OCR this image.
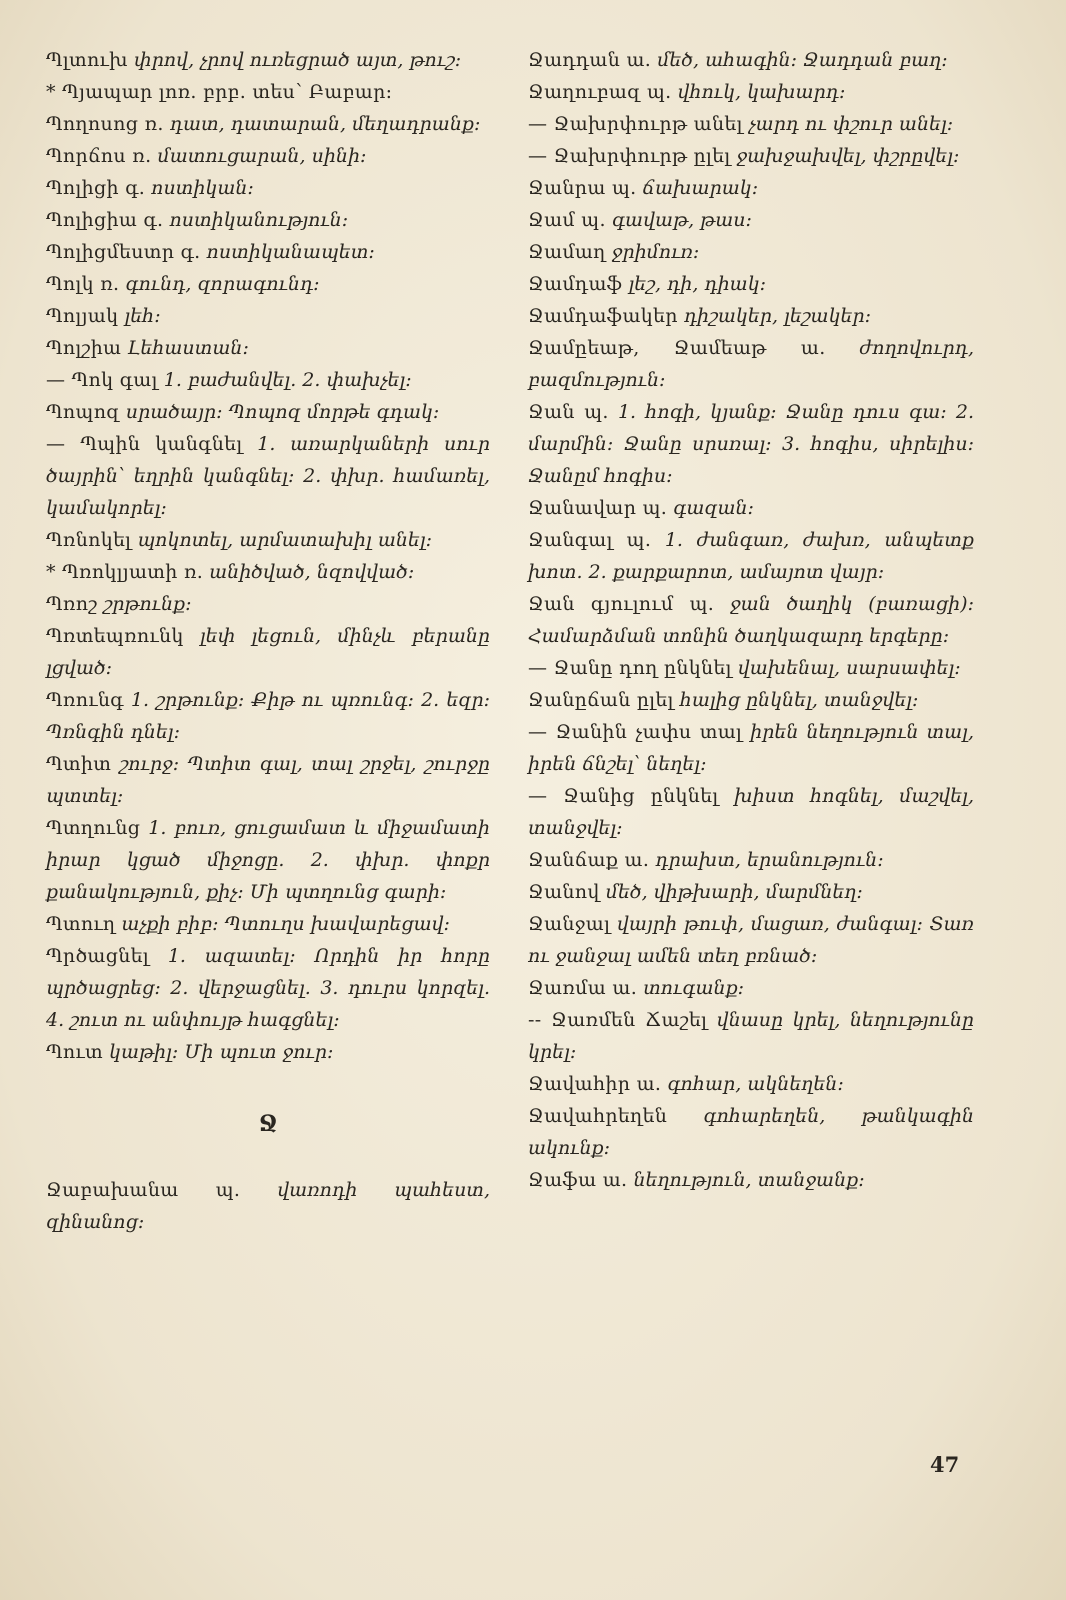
Պլտուխ փրով, չրով ուռեցրած այտ, թուշ:

* Պյապար լոռ. բրբ. տես՝ Բաբար:

Պողոսոց ռ. դատ, դատարան, մեղադրանք:

Պորճոս ռ. մատուցարան, սինի:

Պոլիցի գ. ոստիկան:

Պոլիցիա գ. ոստիկանություն:

Պոլիցմեստր գ. ոստիկանապետ:

Պոլկ ռ. գունդ, զորագունդ:

Պոլյակ լեհ:

Պոլշիա Լեհաստան:

— Պոկ գալ 1. բաժանվել. 2. փախչել:

Պոպոզ սրածայր: Պոպոզ մորթե գդակ:

— Պպին կանգնել 1. առարկաների սուր ծայրին՝ եղրին կանգնել: 2. փխր. համառել, կամակորել:

Պռնոկել պոկոտել, արմատախիլ անել:

* Պռոկլյատի ռ. անիծված, նզովված:

Պռոշ շրթունք:

Պռտեպռունկ լեփ լեցուն, մինչև բերանը լցված:

Պռունգ 1. շրթունք: Քիթ ու պռունգ: 2. եզր: Պռնգին դնել:

Պտիտ շուրջ: Պտիտ գալ, տալ շրջել, շուրջը պտտել:

Պտղունց 1. բուռ, ցուցամատ և միջամատի իրար կցած միջոցը. 2. փխր. փոքր քանակություն, քիչ: Մի պտղունց գարի:

Պտուղ աչքի բիբ: Պտուղս խավարեցավ:

Պրծացնել 1. ազատել: Որդին իր հորը պրծացրեց: 2. վերջացնել. 3. դուրս կորզել. 4. շուտ ու անփույթ հագցնել:

Պուտ կաթիլ: Մի պուտ ջուր:

Ջ

Ջաբախանա պ. վառոդի պահեստ, զինանոց:

Ջադդան ա. մեծ, ահագին: Ջադդան բաղ:

Ջաղուբազ պ. վհուկ, կախարդ:

— Ջախրփուրթ անել չարդ ու փշուր անել:

— Ջախրփուրթ ըլել ջախջախվել, փշրըվել:

Ջանրա պ. ճախարակ:

Ջամ պ. գավաթ, թաս:

Ջամաղ ջրիմուռ:

Ջամդաֆ լեշ, դի, դիակ:

Ջամդաֆակեր դիշակեր, լեշակեր:

Ջամըեաթ, Ջամեաթ ա. ժողովուրդ, բազմություն:

Ջան պ. 1. հոգի, կյանք: Ջանը դուս գա: 2. մարմին: Ջանը սրսռալ: 3. հոգիս, սիրելիս: Ջանըմ հոգիս:

Ջանավար պ. գազան:

Ջանգալ պ. 1. ժանգառ, ժախռ, անպետք խոտ. 2. քարքարոտ, ամայոտ վայր:

Ջան գյուլում պ. ջան ծաղիկ (բառացի): Համարձման տոնին ծաղկազարդ երգերը:

— Ջանը դող ընկնել վախենալ, սարսափել:

Ջանըճան ըլել հալից ընկնել, տանջվել:

— Ջանին չափս տալ իրեն նեղություն տալ, իրեն ճնշել՝ նեղել:

— Ջանից ընկնել խիստ հոգնել, մաշվել, տանջվել:

Ջանճաք ա. դրախտ, երանություն:

Ջանով մեծ, վիթխարի, մարմնեղ:

Ջանջալ վայրի թուփ, մացառ, ժանգալ: Տառ ու ջանջալ ամեն տեղ բռնած:

Ջառմա ա. տուգանք:

-- Ջառմեն Ճաշել վնասը կրել, նեղությունը կրել:

Ջավահիր ա. գոհար, ակնեղեն:

Ջավահրեղեն գոհարեղեն, թանկագին ակունք:

Ջաֆա ա. նեղություն, տանջանք:

47
